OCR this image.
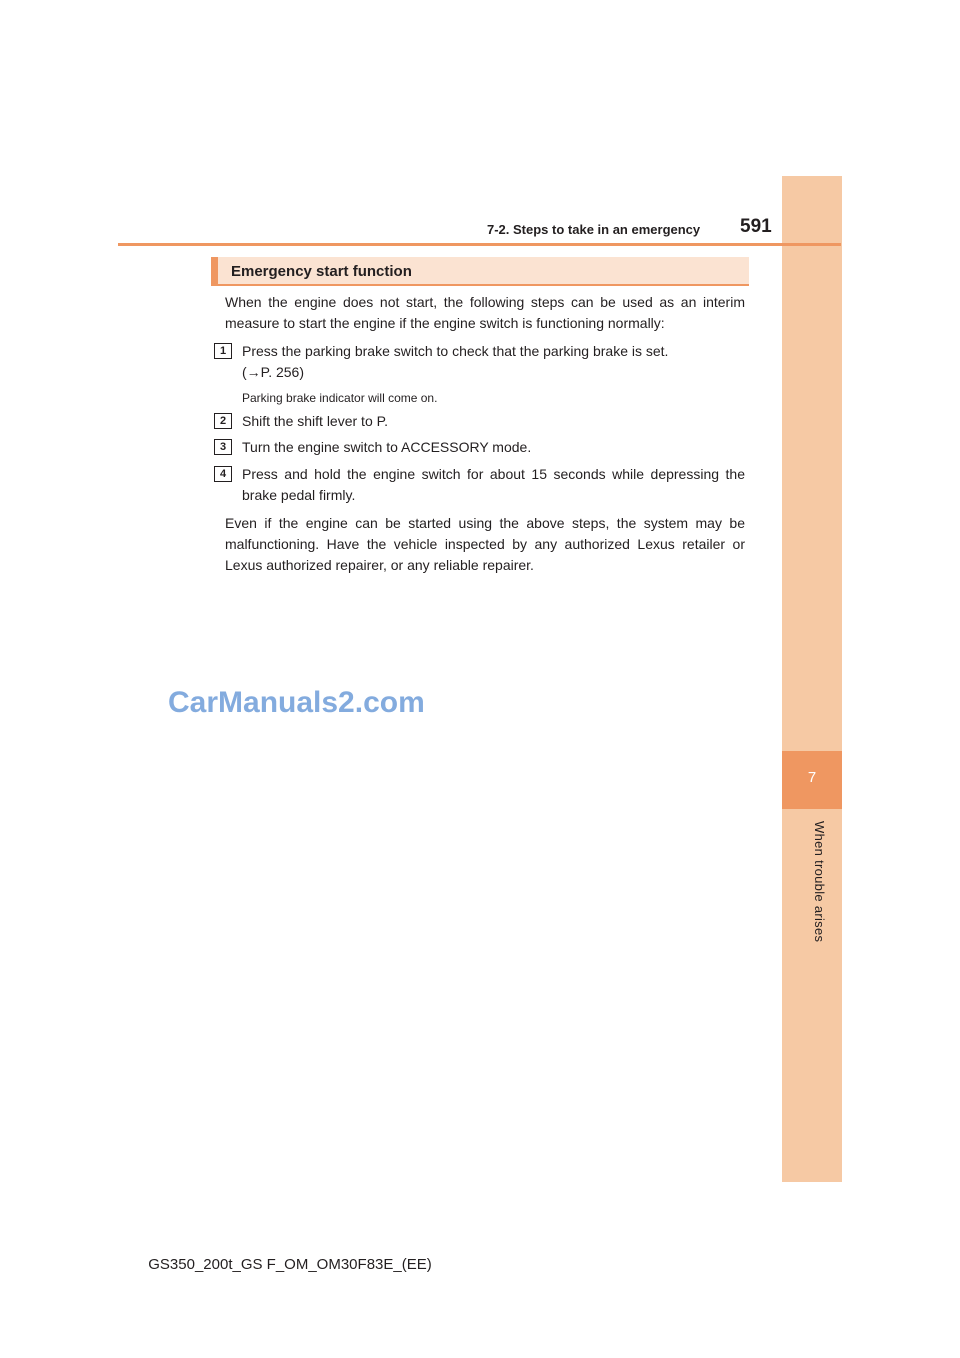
7
When trouble arises
7-2. Steps to take in an emergency 591
Emergency start function
When the engine does not start, the following steps can be used as an interim measure to start the engine if the engine switch is functioning normally:
1	Press the parking brake switch to check that the parking brake is set.
(→P. 256)
Parking brake indicator will come on.
2	Shift the shift lever to P.
3	Turn the engine switch to ACCESSORY mode.
4	Press and hold the engine switch for about 15 seconds while depressing the brake pedal firmly.
Even if the engine can be started using the above steps, the system may be malfunctioning. Have the vehicle inspected by any authorized Lexus retailer or Lexus authorized repairer, or any reliable repairer.
CarManuals2.com
GS350_200t_GS F_OM_OM30F83E_(EE)
